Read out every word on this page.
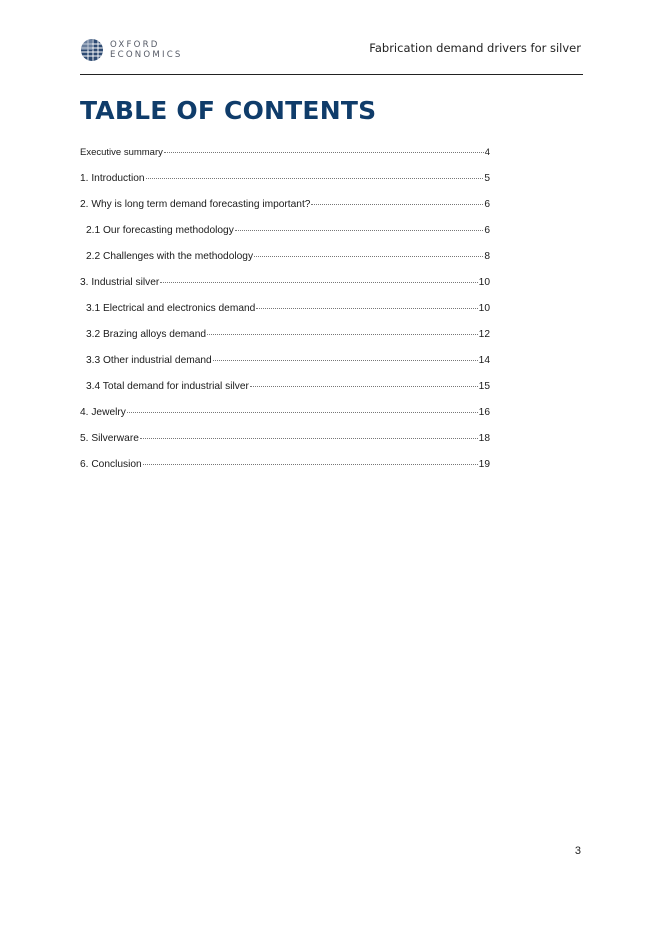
OXFORD
ECONOMICS	Fabrication demand drivers for silver
TABLE OF CONTENTS
Executive summary	4
1. Introduction	5
2. Why is long term demand forecasting important?	6
2.1 Our forecasting methodology	6
2.2 Challenges with the methodology	8
3. Industrial silver	10
3.1 Electrical and electronics demand	10
3.2 Brazing alloys demand	12
3.3 Other industrial demand	14
3.4 Total demand for industrial silver	15
4. Jewelry	16
5. Silverware	18
6. Conclusion	19
3
